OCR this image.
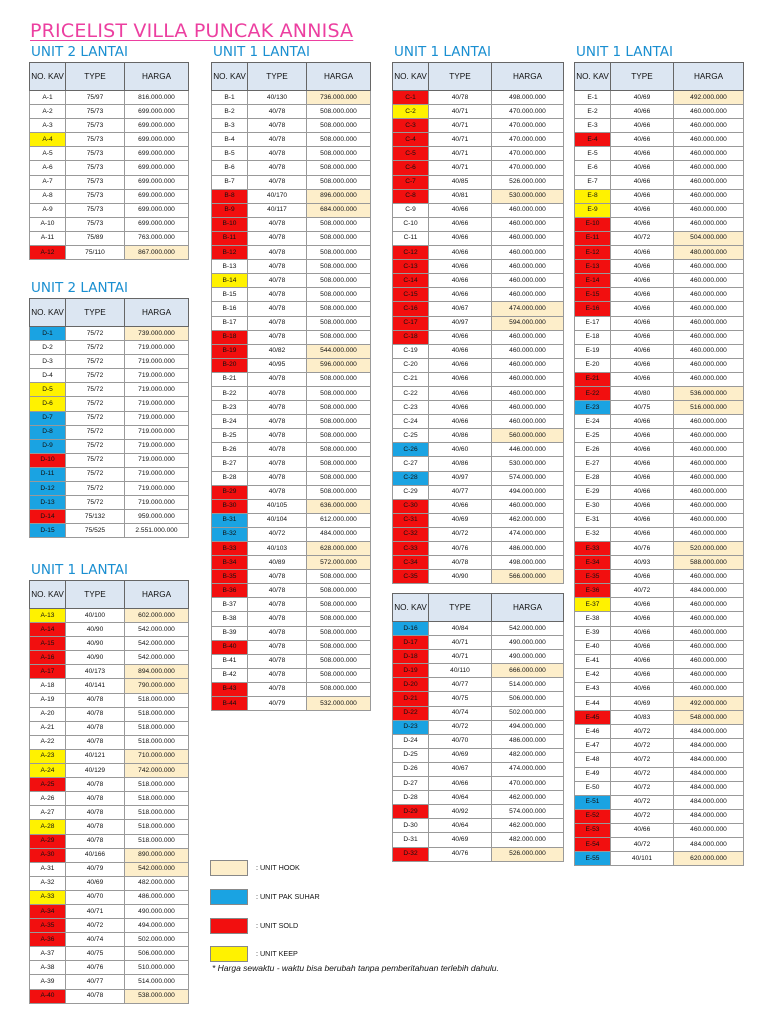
PRICELIST VILLA PUNCAK ANNISA
UNIT 2 LANTAI
NO. KAV	TYPE	HARGA
A-1	75/97	816.000.000
A-2	75/73	699.000.000
A-3	75/73	699.000.000
A-4	75/73	699.000.000
A-5	75/73	699.000.000
A-6	75/73	699.000.000
A-7	75/73	699.000.000
A-8	75/73	699.000.000
A-9	75/73	699.000.000
A-10	75/73	699.000.000
A-11	75/89	763.000.000
A-12	75/110	867.000.000
UNIT 2 LANTAI
NO. KAV	TYPE	HARGA
D-1	75/72	739.000.000
D-2	75/72	719.000.000
D-3	75/72	719.000.000
D-4	75/72	719.000.000
D-5	75/72	719.000.000
D-6	75/72	719.000.000
D-7	75/72	719.000.000
D-8	75/72	719.000.000
D-9	75/72	719.000.000
D-10	75/72	719.000.000
D-11	75/72	719.000.000
D-12	75/72	719.000.000
D-13	75/72	719.000.000
D-14	75/132	959.000.000
D-15	75/525	2.551.000.000
UNIT 1 LANTAI
NO. KAV	TYPE	HARGA
A-13	40/100	602.000.000
A-14	40/90	542.000.000
A-15	40/90	542.000.000
A-16	40/90	542.000.000
A-17	40/173	894.000.000
A-18	40/141	790.000.000
A-19	40/78	518.000.000
A-20	40/78	518.000.000
A-21	40/78	518.000.000
A-22	40/78	518.000.000
A-23	40/121	710.000.000
A-24	40/129	742.000.000
A-25	40/78	518.000.000
A-26	40/78	518.000.000
A-27	40/78	518.000.000
A-28	40/78	518.000.000
A-29	40/78	518.000.000
A-30	40/166	890.000.000
A-31	40/79	542.000.000
A-32	40/69	482.000.000
A-33	40/70	486.000.000
A-34	40/71	490.000.000
A-35	40/72	494.000.000
A-36	40/74	502.000.000
A-37	40/75	506.000.000
A-38	40/76	510.000.000
A-39	40/77	514.000.000
A-40	40/78	538.000.000
UNIT 1 LANTAI
NO. KAV	TYPE	HARGA
B-1	40/130	736.000.000
B-2	40/78	508.000.000
B-3	40/78	508.000.000
B-4	40/78	508.000.000
B-5	40/78	508.000.000
B-6	40/78	508.000.000
B-7	40/78	508.000.000
B-8	40/170	896.000.000
B-9	40/117	684.000.000
B-10	40/78	508.000.000
B-11	40/78	508.000.000
B-12	40/78	508.000.000
B-13	40/78	508.000.000
B-14	40/78	508.000.000
B-15	40/78	508.000.000
B-16	40/78	508.000.000
B-17	40/78	508.000.000
B-18	40/78	508.000.000
B-19	40/82	544.000.000
B-20	40/95	596.000.000
B-21	40/78	508.000.000
B-22	40/78	508.000.000
B-23	40/78	508.000.000
B-24	40/78	508.000.000
B-25	40/78	508.000.000
B-26	40/78	508.000.000
B-27	40/78	508.000.000
B-28	40/78	508.000.000
B-29	40/78	508.000.000
B-30	40/105	636.000.000
B-31	40/104	612.000.000
B-32	40/72	484.000.000
B-33	40/103	628.000.000
B-34	40/89	572.000.000
B-35	40/78	508.000.000
B-36	40/78	508.000.000
B-37	40/78	508.000.000
B-38	40/78	508.000.000
B-39	40/78	508.000.000
B-40	40/78	508.000.000
B-41	40/78	508.000.000
B-42	40/78	508.000.000
B-43	40/78	508.000.000
B-44	40/79	532.000.000
UNIT 1 LANTAI
NO. KAV	TYPE	HARGA
C-1	40/78	498.000.000
C-2	40/71	470.000.000
C-3	40/71	470.000.000
C-4	40/71	470.000.000
C-5	40/71	470.000.000
C-6	40/71	470.000.000
C-7	40/85	526.000.000
C-8	40/81	530.000.000
C-9	40/66	460.000.000
C-10	40/66	460.000.000
C-11	40/66	460.000.000
C-12	40/66	460.000.000
C-13	40/66	460.000.000
C-14	40/66	460.000.000
C-15	40/66	460.000.000
C-16	40/67	474.000.000
C-17	40/97	594.000.000
C-18	40/66	460.000.000
C-19	40/66	460.000.000
C-20	40/66	460.000.000
C-21	40/66	460.000.000
C-22	40/66	460.000.000
C-23	40/66	460.000.000
C-24	40/66	460.000.000
C-25	40/86	560.000.000
C-26	40/60	446.000.000
C-27	40/86	530.000.000
C-28	40/97	574.000.000
C-29	40/77	494.000.000
C-30	40/66	460.000.000
C-31	40/69	462.000.000
C-32	40/72	474.000.000
C-33	40/76	486.000.000
C-34	40/78	498.000.000
C-35	40/90	566.000.000
NO. KAV	TYPE	HARGA
D-16	40/84	542.000.000
D-17	40/71	490.000.000
D-18	40/71	490.000.000
D-19	40/110	666.000.000
D-20	40/77	514.000.000
D-21	40/75	506.000.000
D-22	40/74	502.000.000
D-23	40/72	494.000.000
D-24	40/70	486.000.000
D-25	40/69	482.000.000
D-26	40/67	474.000.000
D-27	40/66	470.000.000
D-28	40/64	462.000.000
D-29	40/92	574.000.000
D-30	40/64	462.000.000
D-31	40/69	482.000.000
D-32	40/76	526.000.000
UNIT 1 LANTAI
NO. KAV	TYPE	HARGA
E-1	40/69	492.000.000
E-2	40/66	460.000.000
E-3	40/66	460.000.000
E-4	40/66	460.000.000
E-5	40/66	460.000.000
E-6	40/66	460.000.000
E-7	40/66	460.000.000
E-8	40/66	460.000.000
E-9	40/66	460.000.000
E-10	40/66	460.000.000
E-11	40/72	504.000.000
E-12	40/66	480.000.000
E-13	40/66	460.000.000
E-14	40/66	460.000.000
E-15	40/66	460.000.000
E-16	40/66	460.000.000
E-17	40/66	460.000.000
E-18	40/66	460.000.000
E-19	40/66	460.000.000
E-20	40/66	460.000.000
E-21	40/66	460.000.000
E-22	40/80	536.000.000
E-23	40/75	516.000.000
E-24	40/66	460.000.000
E-25	40/66	460.000.000
E-26	40/66	460.000.000
E-27	40/66	460.000.000
E-28	40/66	460.000.000
E-29	40/66	460.000.000
E-30	40/66	460.000.000
E-31	40/66	460.000.000
E-32	40/66	460.000.000
E-33	40/76	520.000.000
E-34	40/93	588.000.000
E-35	40/66	460.000.000
E-36	40/72	484.000.000
E-37	40/66	460.000.000
E-38	40/66	460.000.000
E-39	40/66	460.000.000
E-40	40/66	460.000.000
E-41	40/66	460.000.000
E-42	40/66	460.000.000
E-43	40/66	460.000.000
E-44	40/69	492.000.000
E-45	40/83	548.000.000
E-46	40/72	484.000.000
E-47	40/72	484.000.000
E-48	40/72	484.000.000
E-49	40/72	484.000.000
E-50	40/72	484.000.000
E-51	40/72	484.000.000
E-52	40/72	484.000.000
E-53	40/66	460.000.000
E-54	40/72	484.000.000
E-55	40/101	620.000.000
: UNIT HOOK
: UNIT PAK SUHAR
: UNIT SOLD
: UNIT KEEP
* Harga sewaktu - waktu bisa berubah tanpa pemberitahuan terlebih dahulu.
